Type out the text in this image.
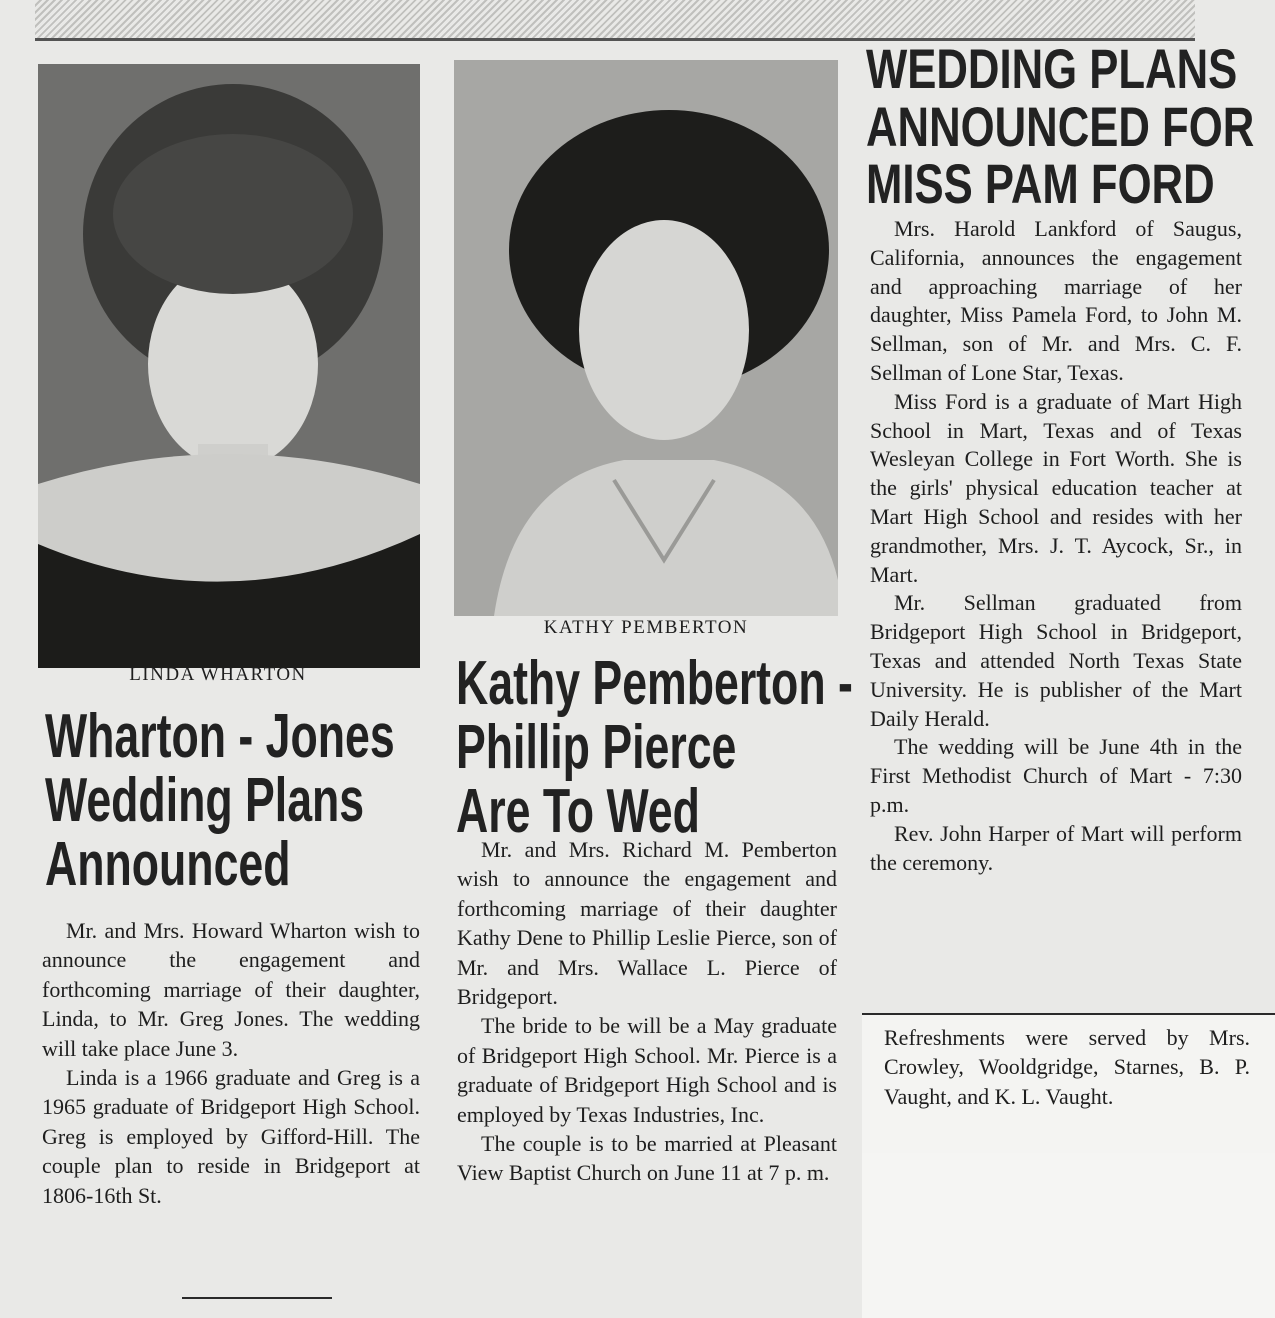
LINDA WHARTON
KATHY PEMBERTON
Wharton - Jones
Wedding Plans
Announced

Mr. and Mrs. Howard Wharton wish to announce the engagement and forthcoming marriage of their daughter, Linda, to Mr. Greg Jones. The wedding will take place June 3.

Linda is a 1966 graduate and Greg is a 1965 graduate of Bridgeport High School. Greg is employed by Gifford-Hill. The couple plan to reside in Bridgeport at 1806-16th St.

Kathy Pemberton -
Phillip Pierce
Are To Wed

Mr. and Mrs. Richard M. Pemberton wish to announce the engagement and forthcoming marriage of their daughter Kathy Dene to Phillip Leslie Pierce, son of Mr. and Mrs. Wallace L. Pierce of Bridgeport.

The bride to be will be a May graduate of Bridgeport High School. Mr. Pierce is a graduate of Bridgeport High School and is employed by Texas Industries, Inc.

The couple is to be married at Pleasant View Baptist Church on June 11 at 7 p. m.

WEDDING PLANS
ANNOUNCED FOR
MISS PAM FORD

Mrs. Harold Lankford of Saugus, California, announces the engagement and approaching marriage of her daughter, Miss Pamela Ford, to John M. Sellman, son of Mr. and Mrs. C. F. Sellman of Lone Star, Texas.

Miss Ford is a graduate of Mart High School in Mart, Texas and of Texas Wesleyan College in Fort Worth. She is the girls' physical education teacher at Mart High School and resides with her grandmother, Mrs. J. T. Aycock, Sr., in Mart.

Mr. Sellman graduated from Bridgeport High School in Bridgeport, Texas and attended North Texas State University. He is publisher of the Mart Daily Herald.

The wedding will be June 4th in the First Methodist Church of Mart - 7:30 p.m.

Rev. John Harper of Mart will perform the ceremony.

Refreshments were served by Mrs. Crowley, Wooldgridge, Starnes, B. P. Vaught, and K. L. Vaught.
